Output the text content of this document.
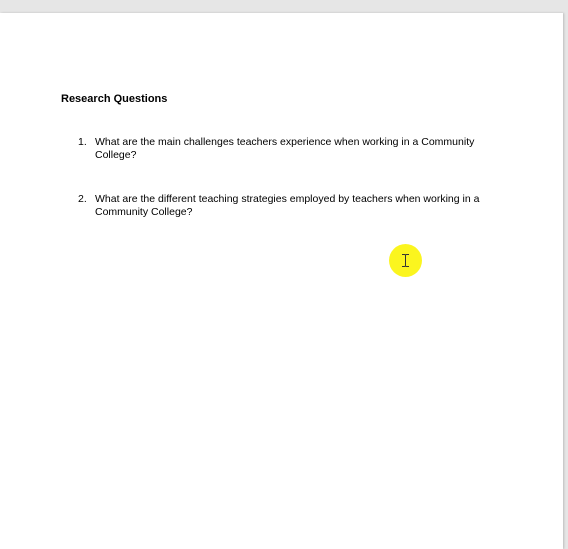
Research Questions

1. What are the main challenges teachers experience when working in a Community College?
2. What are the different teaching strategies employed by teachers when working in a Community College?
